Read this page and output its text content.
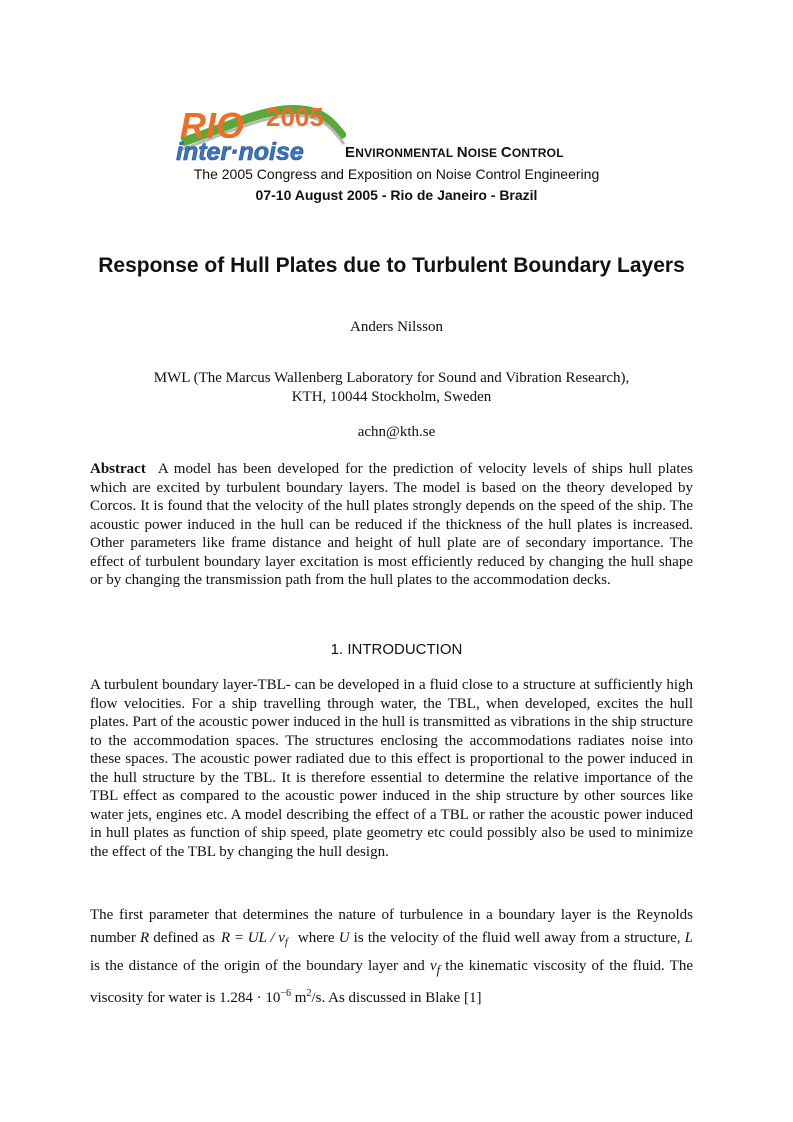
RIO 2005
inter·noise	ENVIRONMENTAL NOISE CONTROL
The 2005 Congress and Exposition on Noise Control Engineering
07-10 August 2005 - Rio de Janeiro - Brazil
Response of Hull Plates due to Turbulent Boundary Layers
Anders Nilsson
MWL (The Marcus Wallenberg Laboratory for Sound and Vibration Research),
KTH, 10044 Stockholm, Sweden
achn@kth.se
Abstract A model has been developed for the prediction of velocity levels of ships hull plates which are excited by turbulent boundary layers. The model is based on the theory developed by Corcos. It is found that the velocity of the hull plates strongly depends on the speed of the ship. The acoustic power induced in the hull can be reduced if the thickness of the hull plates is increased. Other parameters like frame distance and height of hull plate are of secondary importance. The effect of turbulent boundary layer excitation is most efficiently reduced by changing the hull shape or by changing the transmission path from the hull plates to the accommodation decks.
1. INTRODUCTION
A turbulent boundary layer-TBL- can be developed in a fluid close to a structure at sufficiently high flow velocities. For a ship travelling through water, the TBL, when developed, excites the hull plates. Part of the acoustic power induced in the hull is transmitted as vibrations in the ship structure to the accommodation spaces. The structures enclosing the accommodations radiates noise into these spaces. The acoustic power radiated due to this effect is proportional to the power induced in the hull structure by the TBL. It is therefore essential to determine the relative importance of the TBL effect as compared to the acoustic power induced in the ship structure by other sources like water jets, engines etc. A model describing the effect of a TBL or rather the acoustic power induced in hull plates as function of ship speed, plate geometry etc could possibly also be used to minimize the effect of the TBL by changing the hull design.
The first parameter that determines the nature of turbulence in a boundary layer is the Reynolds number R defined as R = UL / $\nu_f$ where U is the velocity of the fluid well away from a structure, L is the distance of the origin of the boundary layer and $\nu_f$ the kinematic viscosity of the fluid. The viscosity for water is $1.284 \cdot 10^{-6}$ $m^2/s$. As discussed in Blake [1]
